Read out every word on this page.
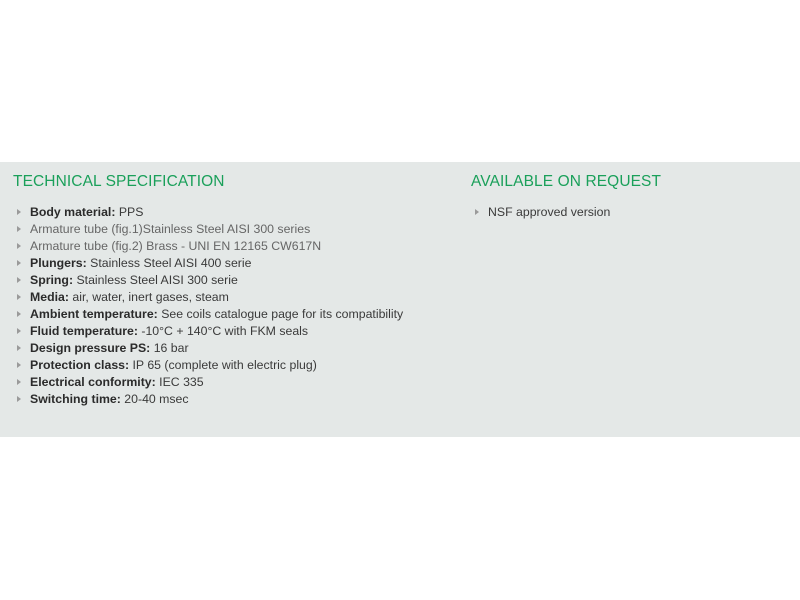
TECHNICAL SPECIFICATION
Body material: PPS
Armature tube (fig.1)Stainless Steel AISI 300 series
Armature tube (fig.2) Brass - UNI EN 12165 CW617N
Plungers: Stainless Steel AISI 400 serie
Spring: Stainless Steel AISI 300 serie
Media: air, water, inert gases, steam
Ambient temperature: See coils catalogue page for its compatibility
Fluid temperature: -10°C + 140°C with FKM seals
Design pressure PS: 16 bar
Protection class: IP 65 (complete with electric plug)
Electrical conformity: IEC 335
Switching time: 20-40 msec
AVAILABLE ON REQUEST
NSF approved version
